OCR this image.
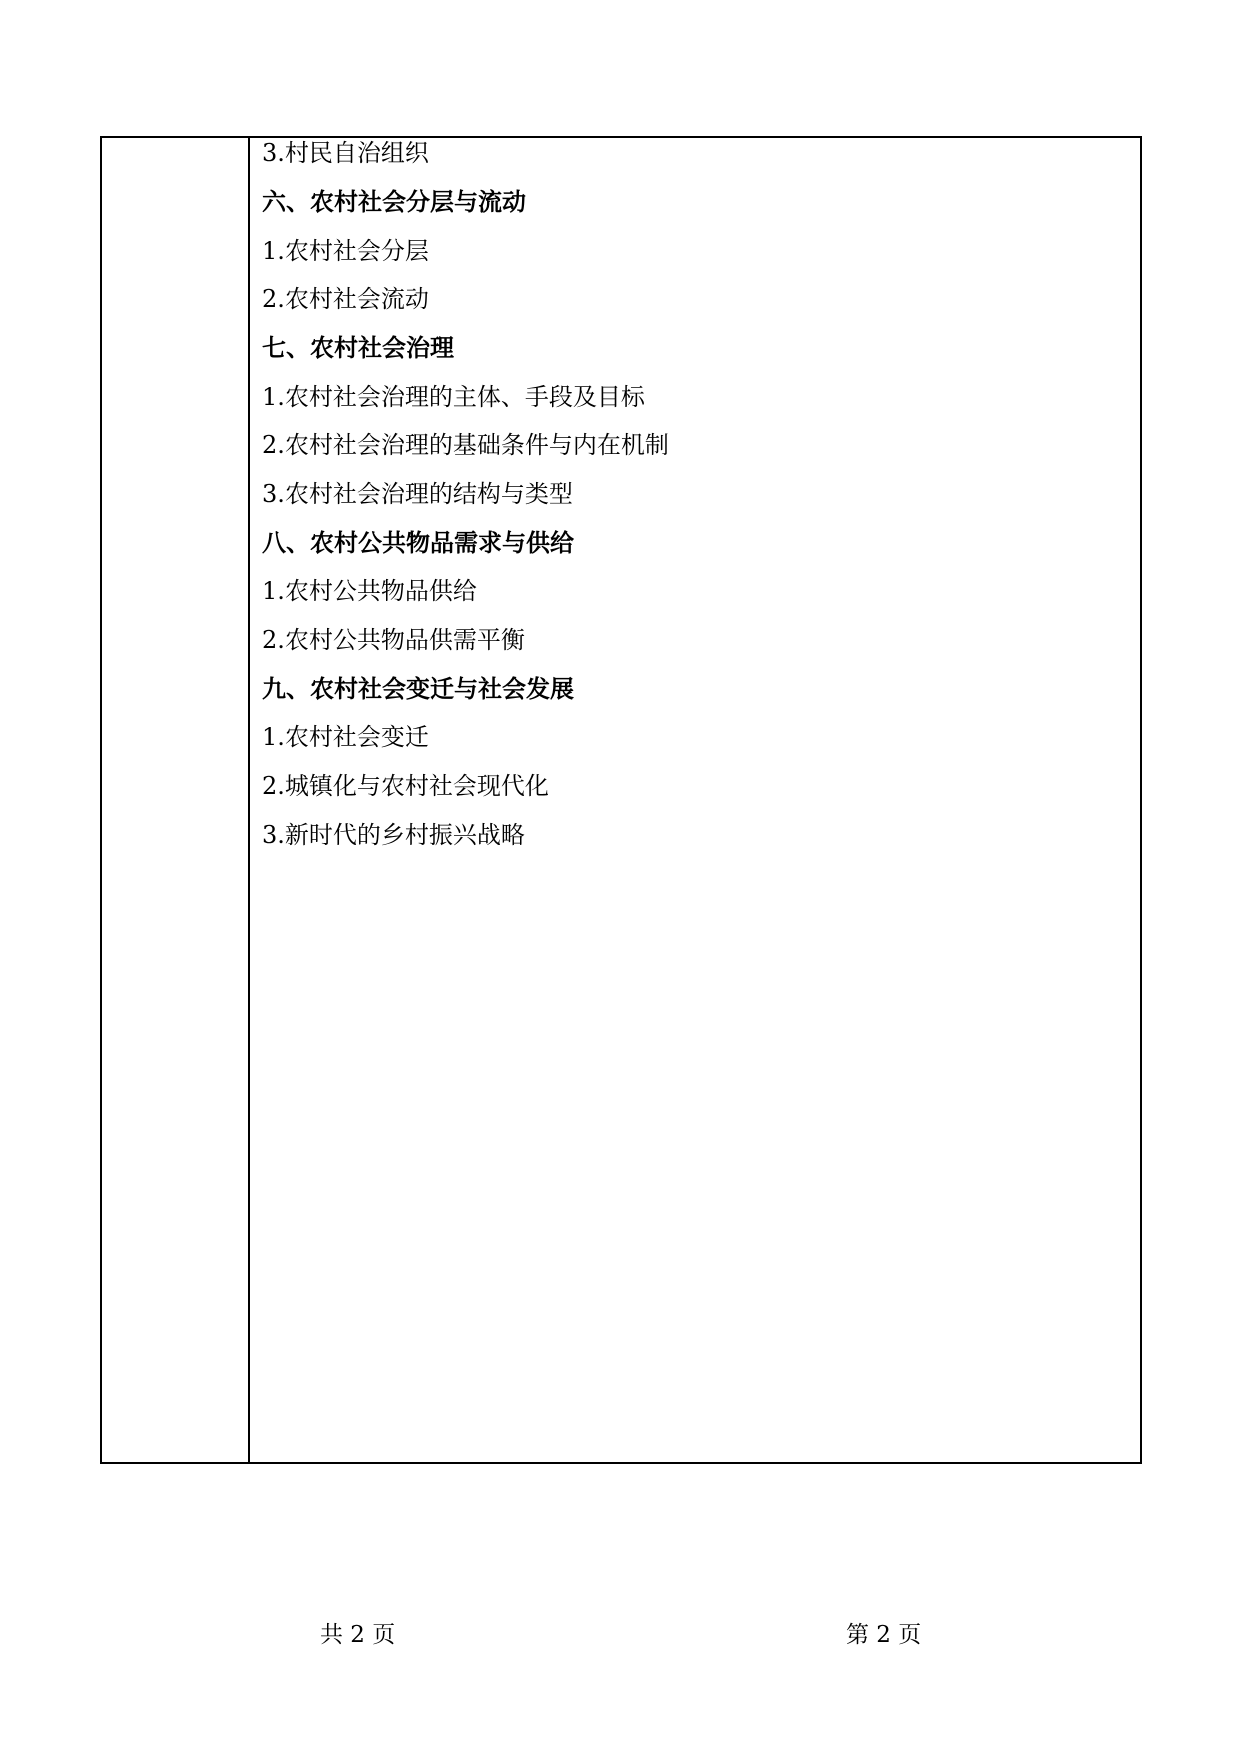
3.村民自治组织
六、农村社会分层与流动
1.农村社会分层
2.农村社会流动
七、农村社会治理
1.农村社会治理的主体、手段及目标
2.农村社会治理的基础条件与内在机制
3.农村社会治理的结构与类型
八、农村公共物品需求与供给
1.农村公共物品供给
2.农村公共物品供需平衡
九、农村社会变迁与社会发展
1.农村社会变迁
2.城镇化与农村社会现代化
3.新时代的乡村振兴战略
共 2 页	第 2 页
